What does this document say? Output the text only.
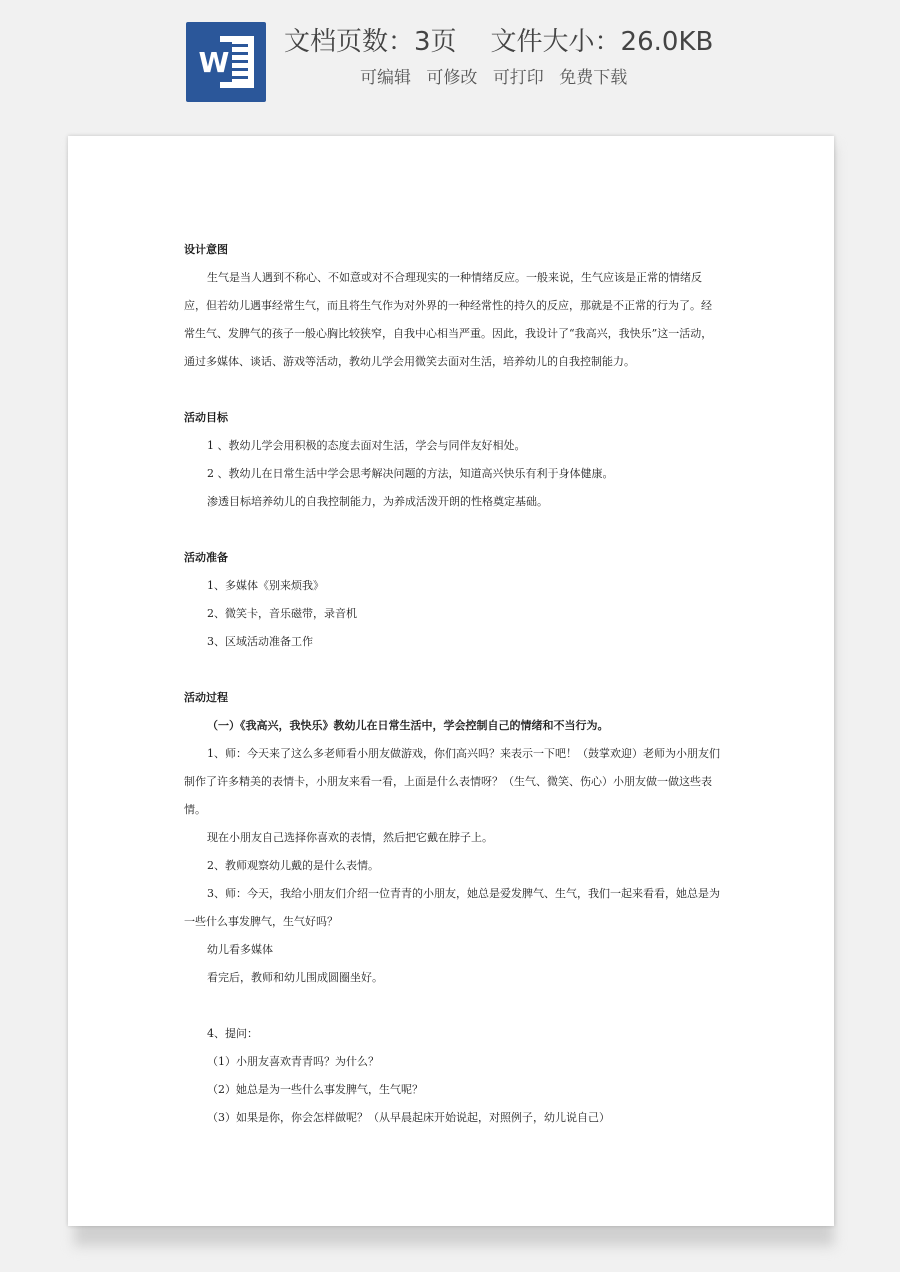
W
文档页数：3页 文件大小：26.0KB
可编辑 可修改 可打印 免费下载

设计意图

生气是当人遇到不称心、不如意或对不合理现实的一种情绪反应。一般来说，生气应该是正常的情绪反应，但若幼儿遇事经常生气，而且将生气作为对外界的一种经常性的持久的反应，那就是不正常的行为了。经常生气、发脾气的孩子一般心胸比较狭窄，自我中心相当严重。因此，我设计了“我高兴，我快乐”这一活动，通过多媒体、谈话、游戏等活动，教幼儿学会用微笑去面对生活，培养幼儿的自我控制能力。

活动目标

1 、教幼儿学会用积极的态度去面对生活，学会与同伴友好相处。

2 、教幼儿在日常生活中学会思考解决问题的方法，知道高兴快乐有利于身体健康。

渗透目标培养幼儿的自我控制能力，为养成活泼开朗的性格奠定基础。

活动准备

1、多媒体《别来烦我》

2、微笑卡，音乐磁带，录音机

3、区域活动准备工作

活动过程

（一）《我高兴，我快乐》教幼儿在日常生活中，学会控制自己的情绪和不当行为。

1、师：今天来了这么多老师看小朋友做游戏，你们高兴吗？来表示一下吧！（鼓掌欢迎）老师为小朋友们制作了许多精美的表情卡，小朋友来看一看，上面是什么表情呀？（生气、微笑、伤心）小朋友做一做这些表情。

现在小朋友自己选择你喜欢的表情，然后把它戴在脖子上。

2、教师观察幼儿戴的是什么表情。

3、师：今天，我给小朋友们介绍一位青青的小朋友，她总是爱发脾气、生气，我们一起来看看，她总是为一些什么事发脾气，生气好吗？

幼儿看多媒体

看完后，教师和幼儿围成圆圈坐好。

4、提问：

（1）小朋友喜欢青青吗？为什么？

（2）她总是为一些什么事发脾气，生气呢？

（3）如果是你，你会怎样做呢？（从早晨起床开始说起，对照例子，幼儿说自己）
